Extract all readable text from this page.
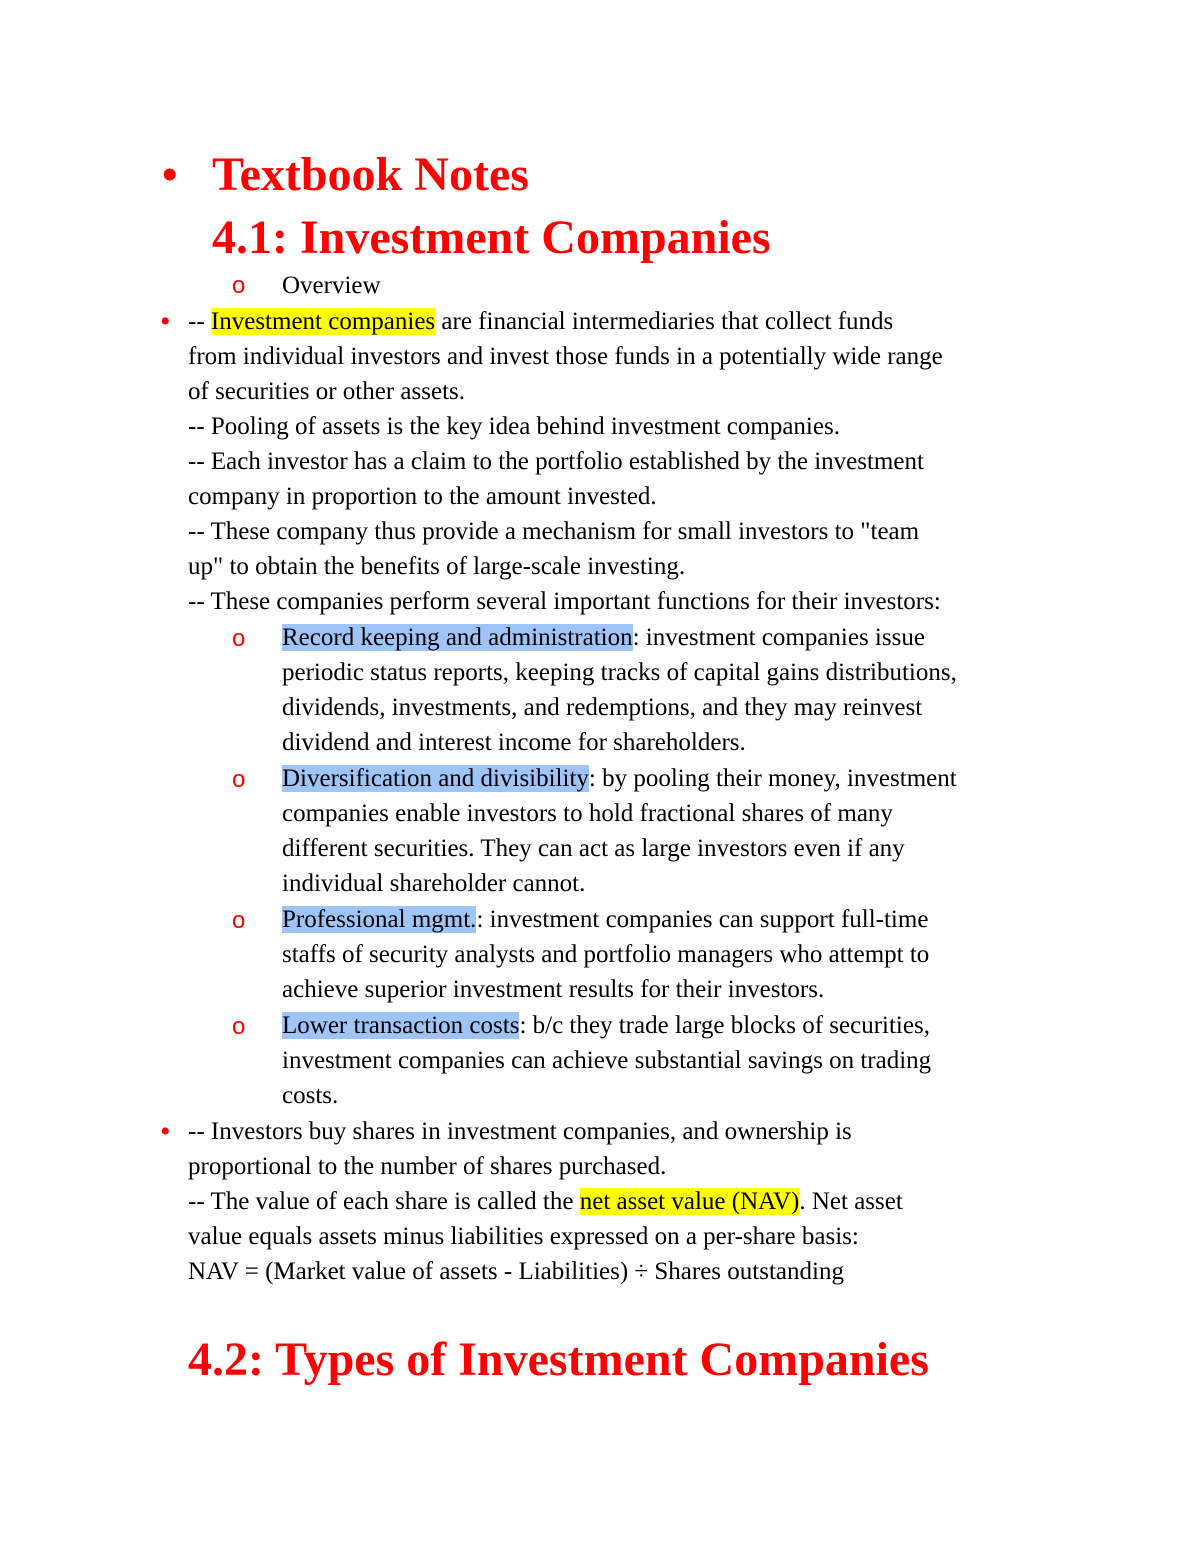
• Textbook Notes
4.1: Investment Companies
o Overview
• -- Investment companies are financial intermediaries that collect funds
from individual investors and invest those funds in a potentially wide range
of securities or other assets.
-- Pooling of assets is the key idea behind investment companies.
-- Each investor has a claim to the portfolio established by the investment
company in proportion to the amount invested.
-- These company thus provide a mechanism for small investors to "team
up" to obtain the benefits of large-scale investing.
-- These companies perform several important functions for their investors:
o Record keeping and administration: investment companies issue
periodic status reports, keeping tracks of capital gains distributions,
dividends, investments, and redemptions, and they may reinvest
dividend and interest income for shareholders.
o Diversification and divisibility: by pooling their money, investment
companies enable investors to hold fractional shares of many
different securities. They can act as large investors even if any
individual shareholder cannot.
o Professional mgmt.: investment companies can support full-time
staffs of security analysts and portfolio managers who attempt to
achieve superior investment results for their investors.
o Lower transaction costs: b/c they trade large blocks of securities,
investment companies can achieve substantial savings on trading
costs.
• -- Investors buy shares in investment companies, and ownership is
proportional to the number of shares purchased.
-- The value of each share is called the net asset value (NAV). Net asset
value equals assets minus liabilities expressed on a per-share basis:
NAV = (Market value of assets - Liabilities) ÷ Shares outstanding
4.2: Types of Investment Companies
